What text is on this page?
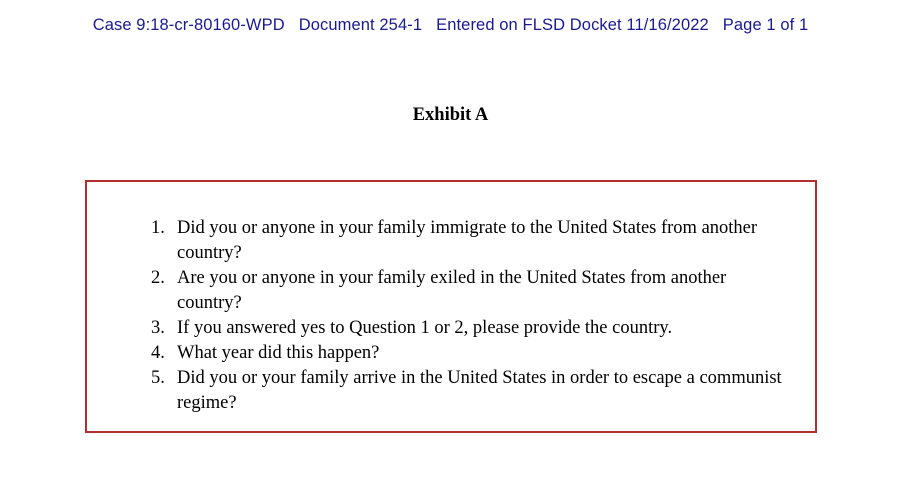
Case 9:18-cr-80160-WPD Document 254-1 Entered on FLSD Docket 11/16/2022 Page 1 of 1
Exhibit A
Did you or anyone in your family immigrate to the United States from another country?
Are you or anyone in your family exiled in the United States from another country?
If you answered yes to Question 1 or 2, please provide the country.
What year did this happen?
Did you or your family arrive in the United States in order to escape a communist regime?
